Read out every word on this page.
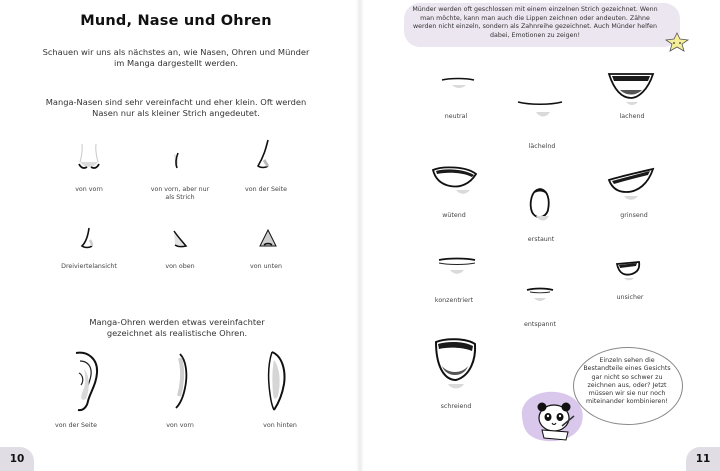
Mund, Nase und Ohren
Schauen wir uns als nächstes an, wie Nasen, Ohren und Münder im Manga dargestellt werden.
Manga-Nasen sind sehr vereinfacht und eher klein. Oft werden Nasen nur als kleiner Strich angedeutet.
von vorn	von vorn, aber nur als Strich
von der Seite
Dreiviertelansicht	von oben	von unten
Manga-Ohren werden etwas vereinfachter gezeichnet als realistische Ohren.
von der Seite	von vorn	von hinten
10
Münder werden oft geschlossen mit einem einzelnen Strich gezeichnet. Wenn man möchte, kann man auch die Lippen zeichnen oder andeuten. Zähne werden nicht einzeln, sondern als Zahnreihe gezeichnet. Auch Münder helfen dabei, Emotionen zu zeigen!
neutral
lächelnd
lachend
wütend
erstaunt
grinsend
konzentriert
entspannt
unsicher
schreiend
Einzeln sehen die Bestandteile eines Gesichts gar nicht so schwer zu zeichnen aus, oder? Jetzt müssen wir sie nur noch miteinander kombinieren!
11
